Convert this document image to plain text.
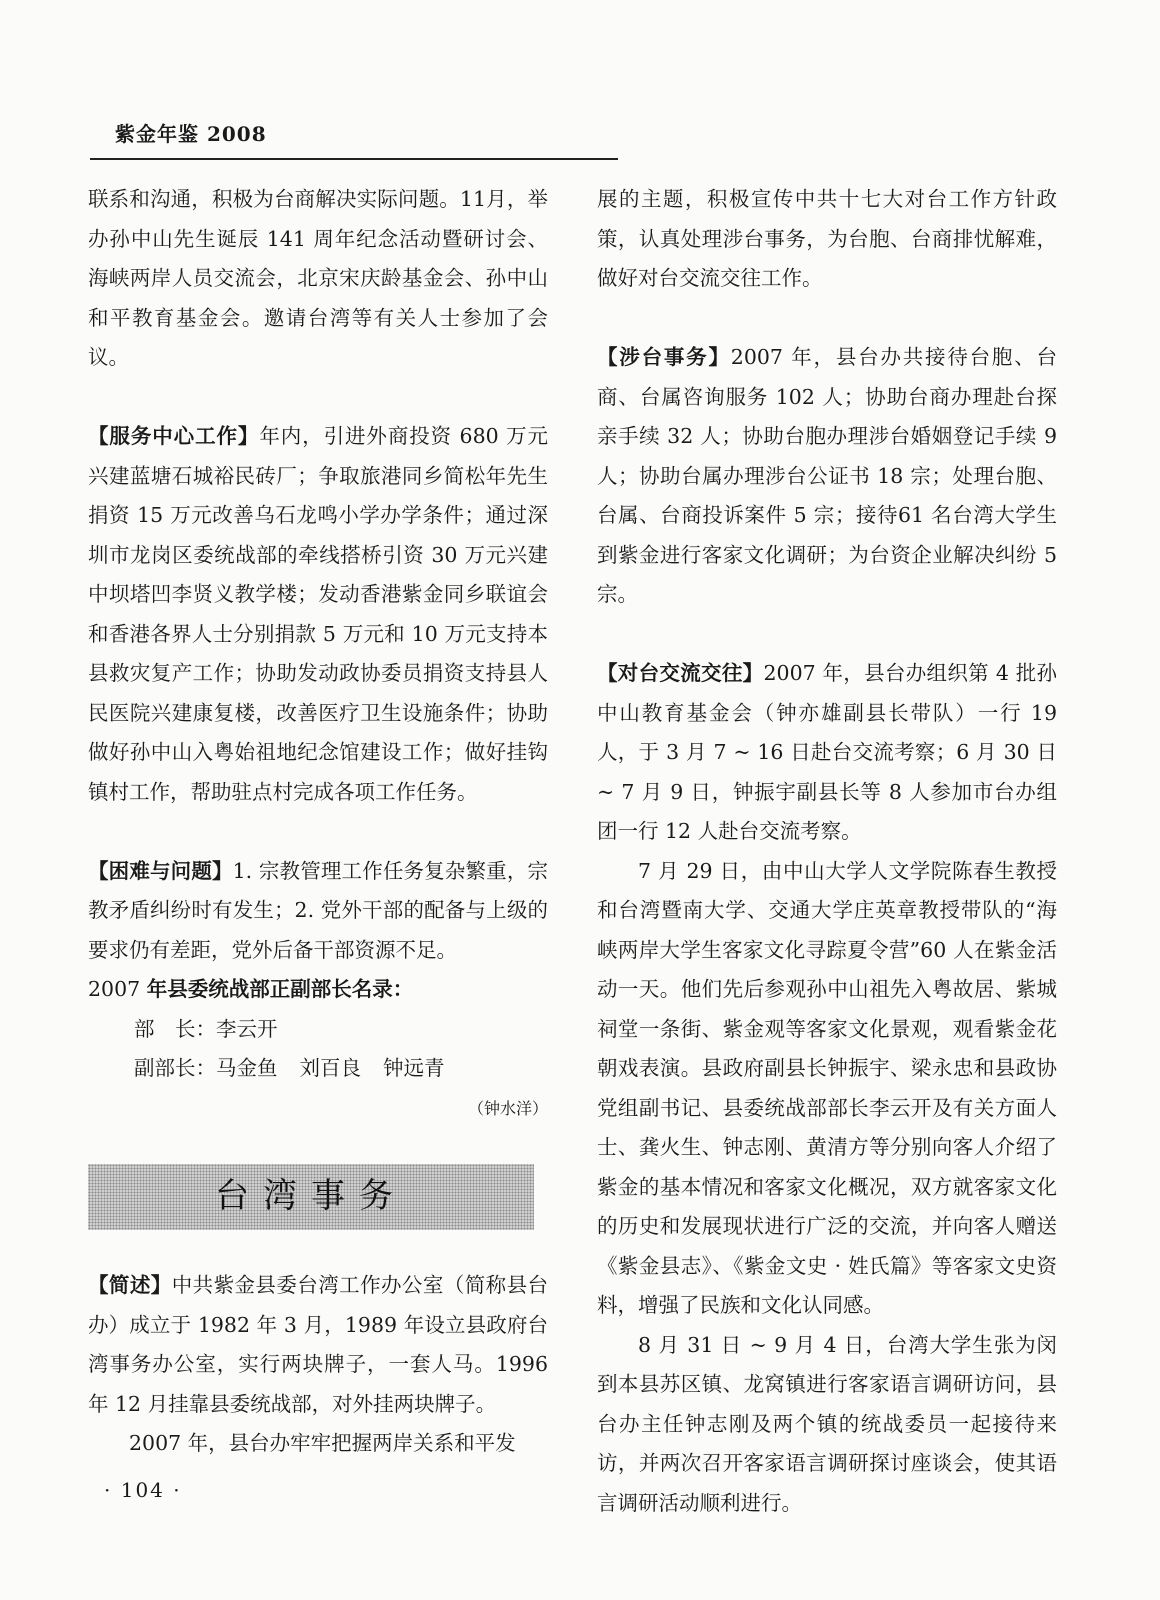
紫金年鉴 2008

联系和沟通，积极为台商解决实际问题。11月，举办孙中山先生诞辰 141 周年纪念活动暨研讨会、海峡两岸人员交流会，北京宋庆龄基金会、孙中山和平教育基金会。邀请台湾等有关人士参加了会议。

【服务中心工作】年内，引进外商投资 680 万元兴建蓝塘石城裕民砖厂；争取旅港同乡简松年先生捐资 15 万元改善乌石龙鸣小学办学条件；通过深圳市龙岗区委统战部的牵线搭桥引资 30 万元兴建中坝塔凹李贤义教学楼；发动香港紫金同乡联谊会和香港各界人士分别捐款 5 万元和 10 万元支持本县救灾复产工作；协助发动政协委员捐资支持县人民医院兴建康复楼，改善医疗卫生设施条件；协助做好孙中山入粤始祖地纪念馆建设工作；做好挂钩镇村工作，帮助驻点村完成各项工作任务。

【困难与问题】1. 宗教管理工作任务复杂繁重，宗教矛盾纠纷时有发生；2. 党外干部的配备与上级的要求仍有差距，党外后备干部资源不足。

2007 年县委统战部正副部长名录：

部　长：李云开

副部长：马金鱼 刘百良 钟远青

（钟水洋）

台湾事务

【简述】中共紫金县委台湾工作办公室（简称县台办）成立于 1982 年 3 月，1989 年设立县政府台湾事务办公室，实行两块牌子，一套人马。1996 年 12 月挂靠县委统战部，对外挂两块牌子。

2007 年，县台办牢牢把握两岸关系和平发

展的主题，积极宣传中共十七大对台工作方针政策，认真处理涉台事务，为台胞、台商排忧解难，做好对台交流交往工作。

【涉台事务】2007 年，县台办共接待台胞、台商、台属咨询服务 102 人；协助台商办理赴台探亲手续 32 人；协助台胞办理涉台婚姻登记手续 9 人；协助台属办理涉台公证书 18 宗；处理台胞、台属、台商投诉案件 5 宗；接待61 名台湾大学生到紫金进行客家文化调研；为台资企业解决纠纷 5 宗。

【对台交流交往】2007 年，县台办组织第 4 批孙中山教育基金会（钟亦雄副县长带队）一行 19 人，于 3 月 7 ~ 16 日赴台交流考察；6 月 30 日 ~ 7 月 9 日，钟振宇副县长等 8 人参加市台办组团一行 12 人赴台交流考察。

7 月 29 日，由中山大学人文学院陈春生教授和台湾暨南大学、交通大学庄英章教授带队的“海峡两岸大学生客家文化寻踪夏令营”60 人在紫金活动一天。他们先后参观孙中山祖先入粤故居、紫城祠堂一条街、紫金观等客家文化景观，观看紫金花朝戏表演。县政府副县长钟振宇、梁永忠和县政协党组副书记、县委统战部部长李云开及有关方面人士、龚火生、钟志刚、黄清方等分别向客人介绍了紫金的基本情况和客家文化概况，双方就客家文化的历史和发展现状进行广泛的交流，并向客人赠送《紫金县志》、《紫金文史 · 姓氏篇》等客家文史资料，增强了民族和文化认同感。

8 月 31 日 ~ 9 月 4 日，台湾大学生张为闵到本县苏区镇、龙窝镇进行客家语言调研访问，县台办主任钟志刚及两个镇的统战委员一起接待来访，并两次召开客家语言调研探讨座谈会，使其语言调研活动顺利进行。

· 104 ·
